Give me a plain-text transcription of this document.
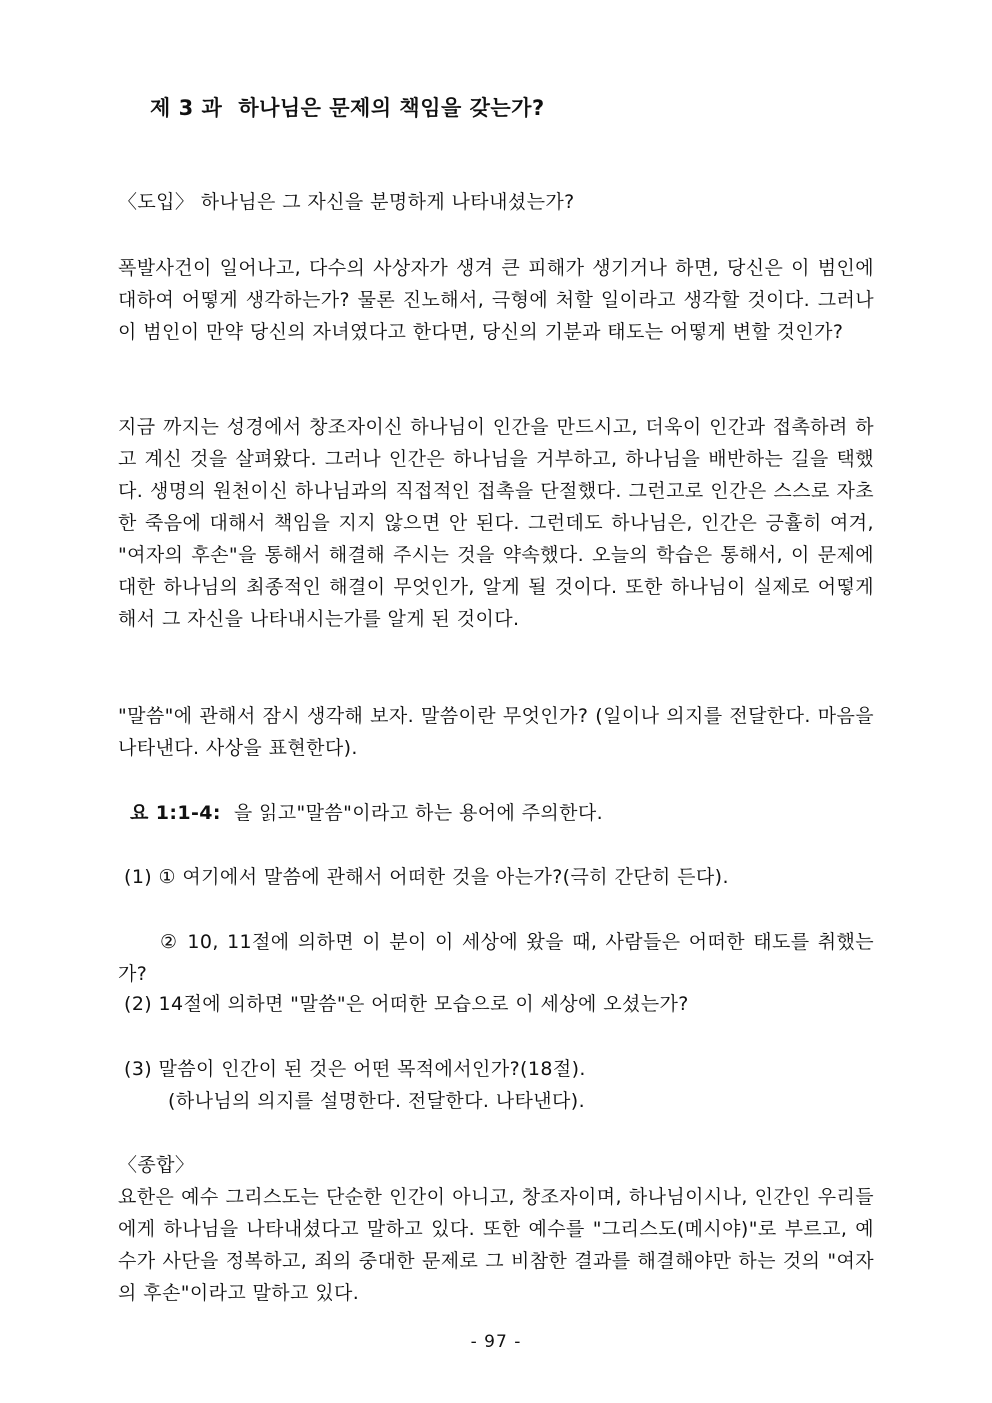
제 3 과 하나님은 문제의 책임을 갖는가?

〈도입〉 하나님은 그 자신을 분명하게 나타내셨는가?

폭발사건이 일어나고, 다수의 사상자가 생겨 큰 피해가 생기거나 하면, 당신은 이 범인에 대하여 어떻게 생각하는가? 물론 진노해서, 극형에 처할 일이라고 생각할 것이다. 그러나 이 범인이 만약 당신의 자녀였다고 한다면, 당신의 기분과 태도는 어떻게 변할 것인가?

지금 까지는 성경에서 창조자이신 하나님이 인간을 만드시고, 더욱이 인간과 접촉하려 하고 계신 것을 살펴왔다. 그러나 인간은 하나님을 거부하고, 하나님을 배반하는 길을 택했다. 생명의 원천이신 하나님과의 직접적인 접촉을 단절했다. 그런고로 인간은 스스로 자초한 죽음에 대해서 책임을 지지 않으면 안 된다. 그런데도 하나님은, 인간은 긍휼히 여겨, "여자의 후손"을 통해서 해결해 주시는 것을 약속했다. 오늘의 학습은 통해서, 이 문제에 대한 하나님의 최종적인 해결이 무엇인가, 알게 될 것이다. 또한 하나님이 실제로 어떻게 해서 그 자신을 나타내시는가를 알게 된 것이다.

"말씀"에 관해서 잠시 생각해 보자. 말씀이란 무엇인가? (일이나 의지를 전달한다. 마음을 나타낸다. 사상을 표현한다).

요 1:1-4: 을 읽고"말씀"이라고 하는 용어에 주의한다.

(1) ① 여기에서 말씀에 관해서 어떠한 것을 아는가?(극히 간단히 든다).

② 10, 11절에 의하면 이 분이 이 세상에 왔을 때, 사람들은 어떠한 태도를 취했는가?

(2) 14절에 의하면 "말씀"은 어떠한 모습으로 이 세상에 오셨는가?

(3) 말씀이 인간이 된 것은 어떤 목적에서인가?(18절).

(하나님의 의지를 설명한다. 전달한다. 나타낸다).

〈종합〉

요한은 예수 그리스도는 단순한 인간이 아니고, 창조자이며, 하나님이시나, 인간인 우리들에게 하나님을 나타내셨다고 말하고 있다. 또한 예수를 "그리스도(메시야)"로 부르고, 예수가 사단을 정복하고, 죄의 중대한 문제로 그 비참한 결과를 해결해야만 하는 것의 "여자의 후손"이라고 말하고 있다.

- 97 -
